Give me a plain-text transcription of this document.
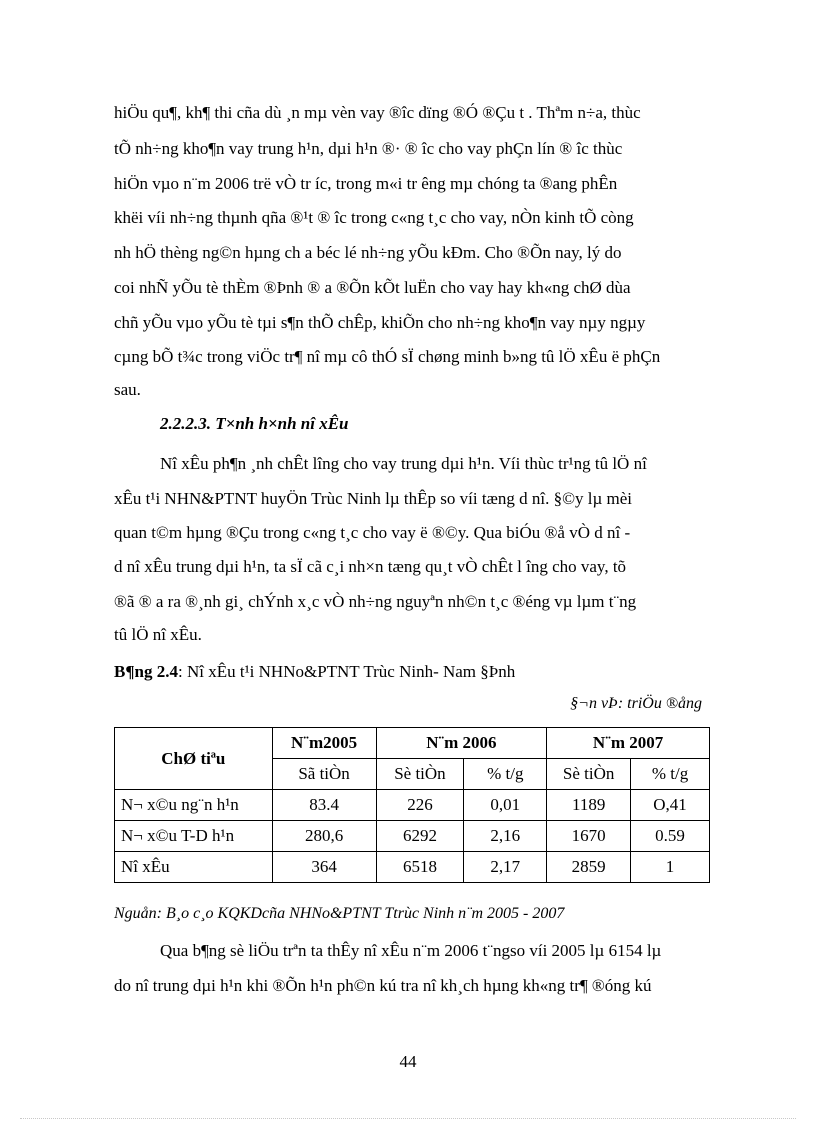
hiÖu qu¶, kh¶ thi cña dù ¸n mµ vèn vay ®îc dïng ®Ó ®Çu t . Thªm n÷a, thùc
tÕ nh÷ng kho¶n vay trung h¹n, dµi h¹n ®· ® îc cho vay phÇn lín ® îc thùc
hiÖn vµo n¨m 2006 trë vÒ tr íc, trong m«i tr êng mµ chóng ta ®ang phÊn
khëi víi nh÷ng thµnh qña ®¹t ® îc trong c«ng t¸c cho vay, nÒn kinh tÕ còng
nh hÖ thèng ng©n hµng ch a béc lé nh÷ng yÕu kÐm. Cho ®Õn nay, lý do
coi nhÑ yÕu tè thÈm ®Þnh ® a ®Õn kÕt luËn cho vay hay kh«ng chØ dùa
chñ yÕu vµo yÕu tè tµi s¶n thÕ chÊp, khiÕn cho nh÷ng kho¶n vay nµy ngµy
cµng bÕ t¾c trong viÖc tr¶ nî mµ cô thÓ sÏ chøng minh b»ng tû lÖ xÊu ë phÇn
sau.
2.2.2.3. T×nh h×nh nî xÊu
Nî xÊu ph¶n ¸nh chÊt lîng cho vay trung dµi h¹n. Víi thùc tr¹ng tû lÖ nî
xÊu t¹i NHN&PTNT huyÖn Trùc Ninh lµ thÊp so víi tæng d nî. §©y lµ mèi
quan t©m hµng ®Çu trong c«ng t¸c cho vay ë ®©y. Qua biÓu ®å vÒ d nî -
d nî xÊu trung dµi h¹n, ta sÏ cã c¸i nh×n tæng qu¸t vÒ chÊt l îng cho vay, tõ
®ã ® a ra ®¸nh gi¸ chÝnh x¸c vÒ nh÷ng nguyªn nh©n t¸c ®éng vµ lµm t¨ng
tû lÖ nî xÊu.
B¶ng 2.4: Nî xÊu t¹i NHNo&PTNT Trùc Ninh- Nam §Þnh
§¬n vÞ: triÖu ®ång
ChØ tiªu	N¨m2005	N¨m 2006		N¨m 2007	
	Sã tiÒn	Sè tiÒn	% t/g	Sè tiÒn	% t/g
N¬ x©u ng¨n h¹n	83.4	226	0,01	1189	O,41
N¬ x©u T-D h¹n	280,6	6292	2,16	1670	0.59
Nî xÊu	364	6518	2,17	2859	1
Nguån: B¸o c¸o KQKDcña NHNo&PTNT Ttrùc Ninh n¨m 2005 - 2007
Qua b¶ng sè liÖu trªn ta thÊy nî xÊu n¨m 2006 t¨ngso víi 2005 lµ 6154 lµ
do nî trung dµi h¹n khi ®Õn h¹n ph©n kú tra nî kh¸ch hµng kh«ng tr¶ ®óng kú
44
